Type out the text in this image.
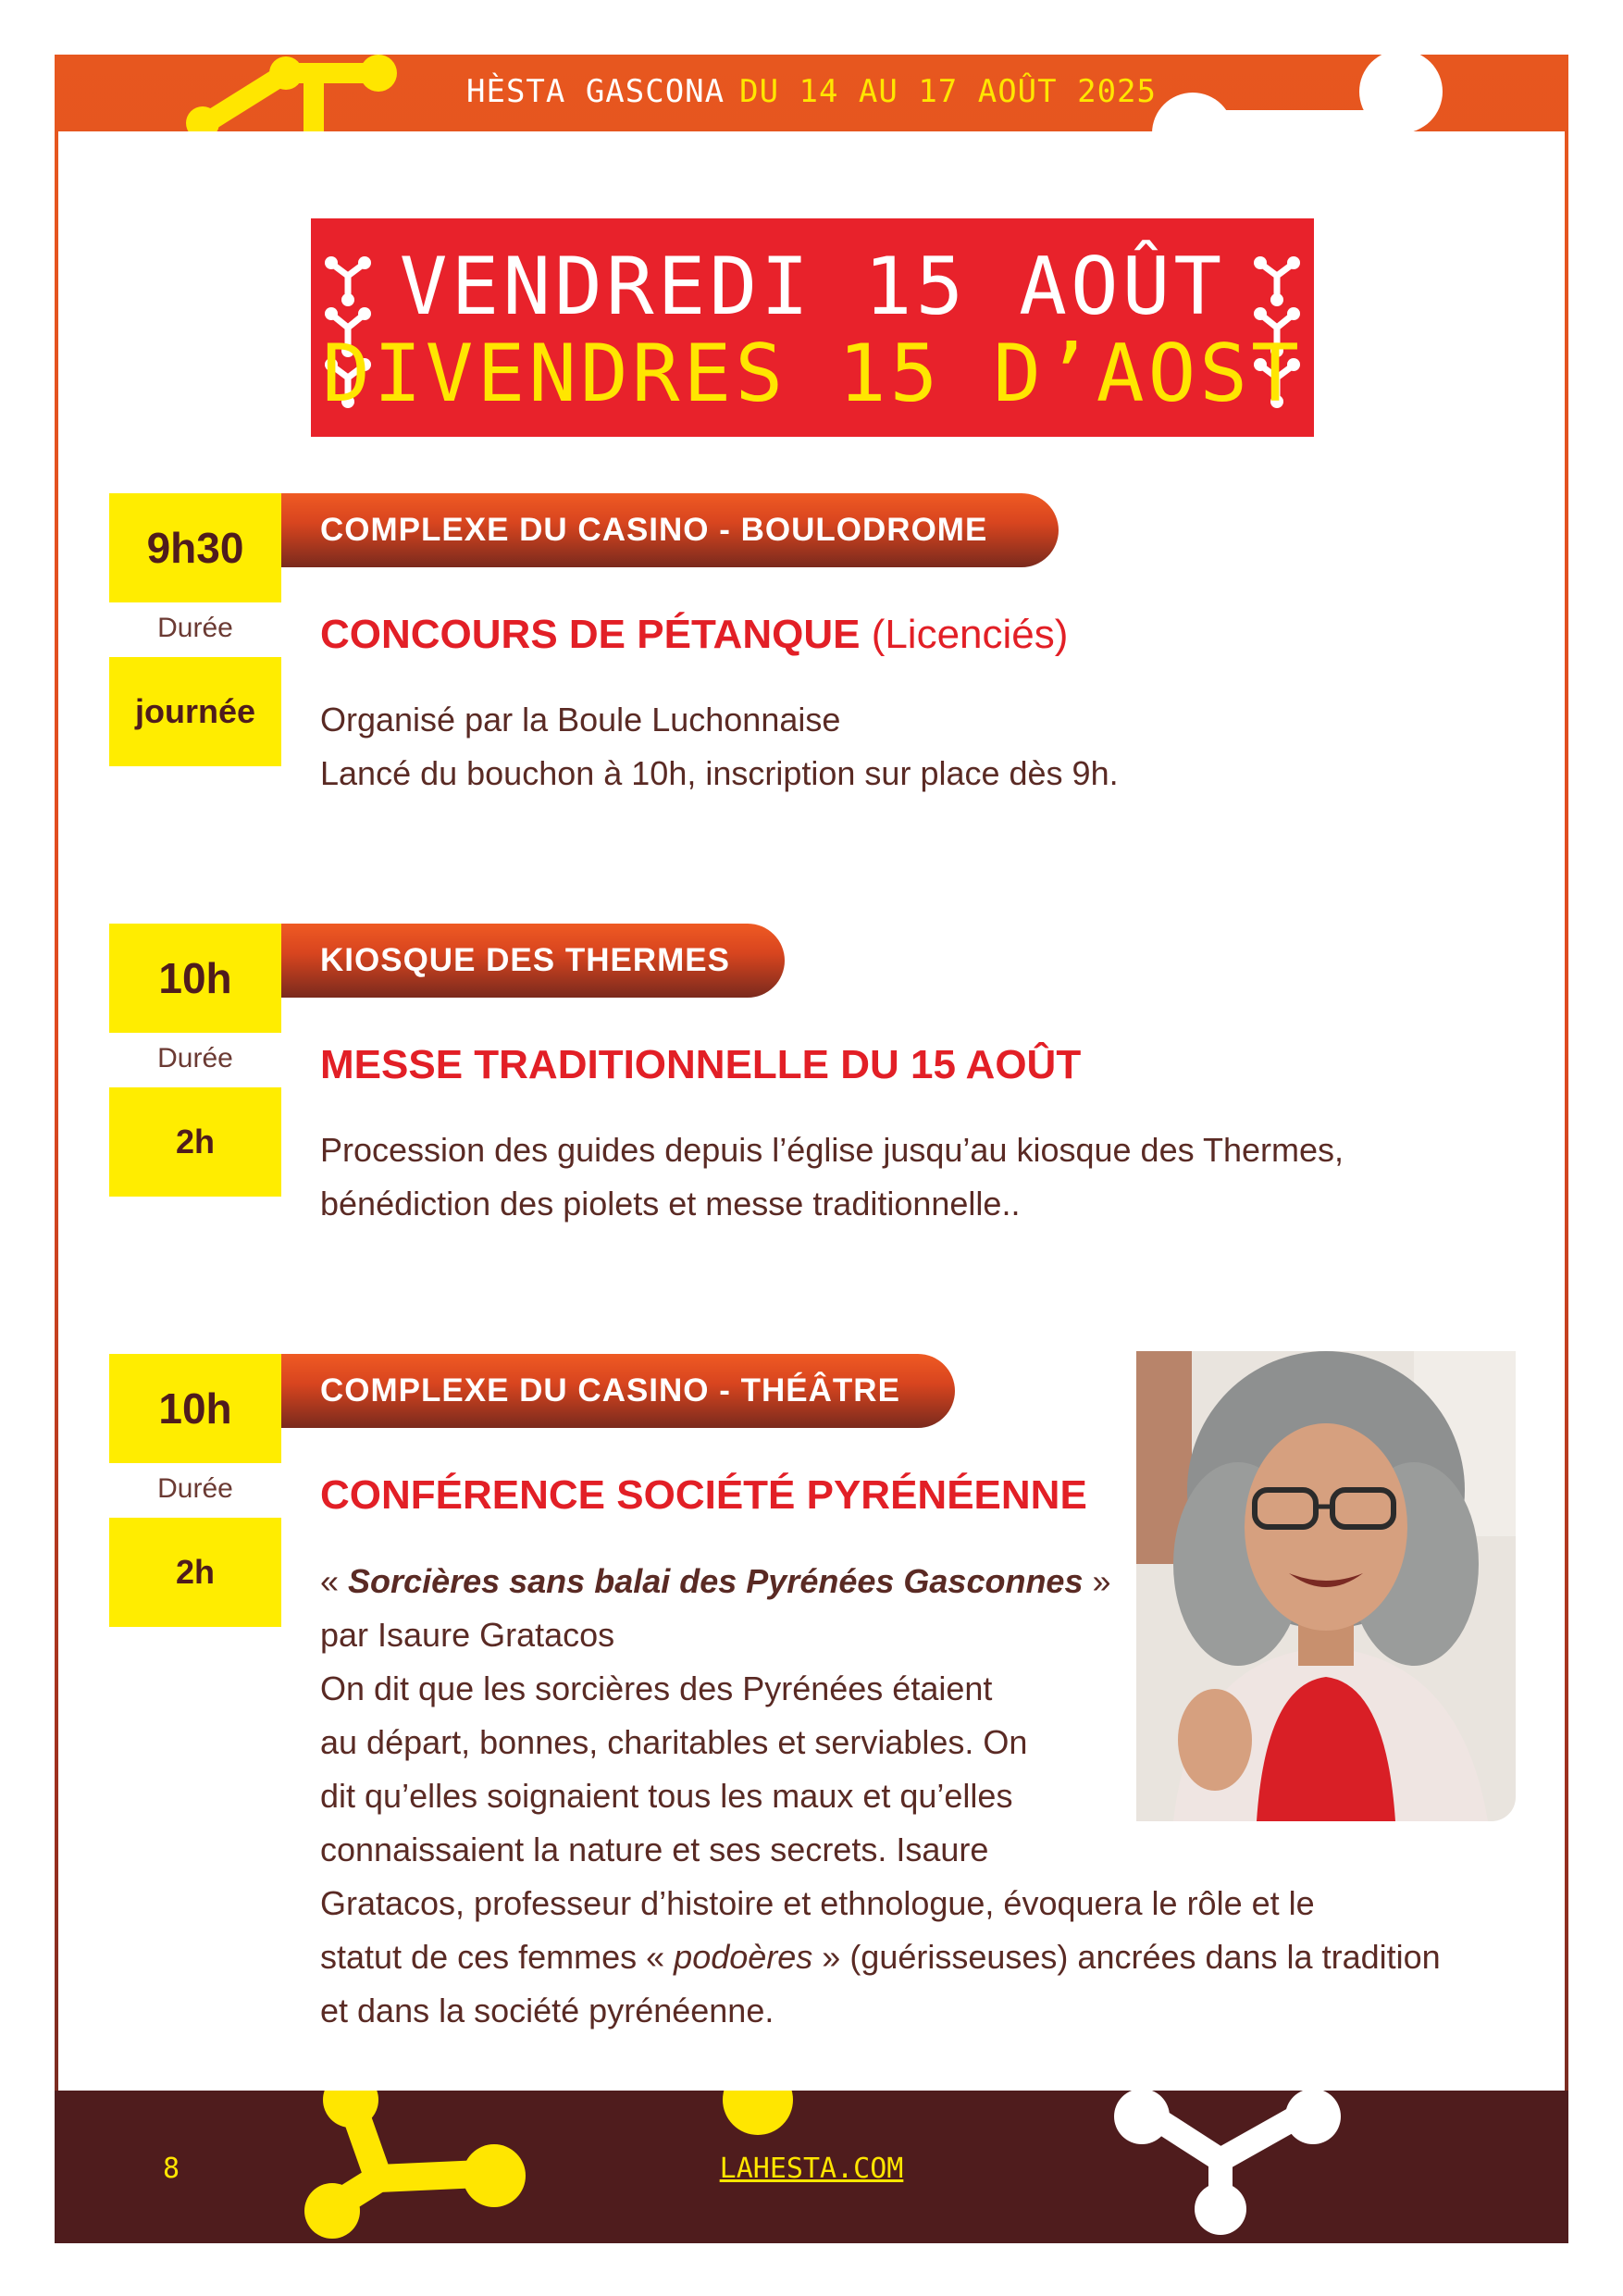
HÈSTA GASCONA DU 14 AU 17 AOÛT 2025
VENDREDI 15 AOÛT
DIVENDRES 15 D’AOST
9h30	COMPLEXE DU CASINO - BOULODROME
Durée
journée
CONCOURS DE PÉTANQUE (Licenciés)
Organisé par la Boule Luchonnaise
Lancé du bouchon à 10h, inscription sur place dès 9h.
10h	KIOSQUE DES THERMES
Durée
2h
MESSE TRADITIONNELLE DU 15 AOÛT
Procession des guides depuis l’église jusqu’au kiosque des Thermes,
bénédiction des piolets et messe traditionnelle..
10h	COMPLEXE DU CASINO - THÉÂTRE
Durée
2h
CONFÉRENCE SOCIÉTÉ PYRÉNÉENNE
« Sorcières sans balai des Pyrénées Gasconnes »
par Isaure Gratacos
On dit que les sorcières des Pyrénées étaient
au départ, bonnes, charitables et serviables. On
dit qu’elles soignaient tous les maux et qu’elles
connaissaient la nature et ses secrets. Isaure
Gratacos, professeur d’histoire et ethnologue, évoquera le rôle et le
statut de ces femmes « podoères » (guérisseuses) ancrées dans la tradition
et dans la société pyrénéenne.
8	LAHESTA.COM
